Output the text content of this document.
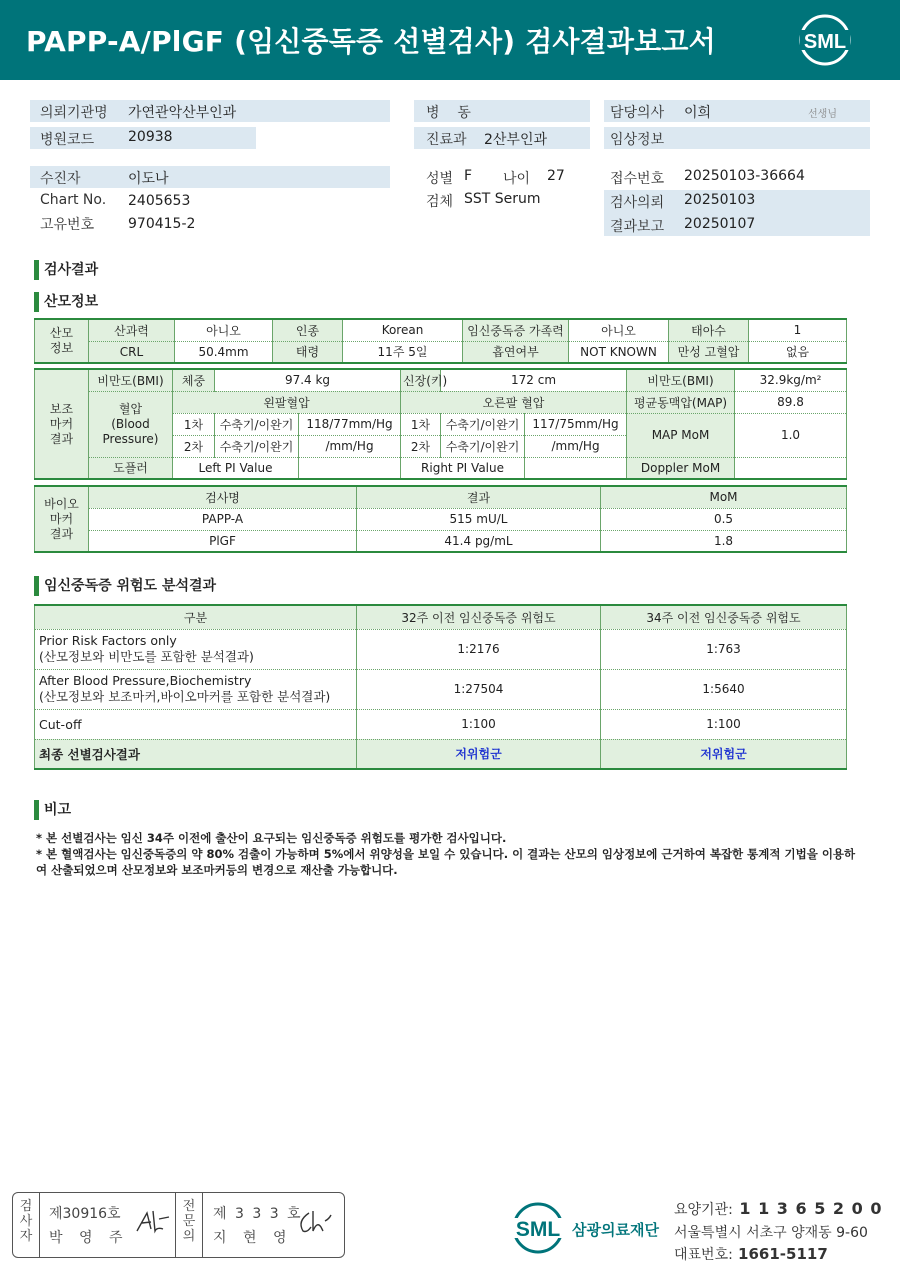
PAPP-A/PlGF (임신중독증 선별검사) 검사결과보고서	SML
의뢰기관명 가연관악산부인과
병원코드 20938
병    동
진료과 2산부인과
담당의사 이희	선생님
임상정보
수진자	이도나
Chart No. 2405653
고유번호 970415-2
성별 F 나이 27
검체 SST Serum
접수번호 20250103-36664
검사의뢰 20250103
결과보고 20250107
검사결과
산모정보
산모
정보	산과력	아니오	인종	Korean	임신중독증 가족력	아니오	태아수	1
	CRL	50.4mm	태령	11주 5일	흡연여부	NOT KNOWN	만성 고혈압	없음
보조
마커
결과	비만도(BMI)	체중	97.4 kg		신장(키)	172 cm		비만도(BMI)	32.9kg/m²
	혈압
(Blood
Pressure)	왼팔혈압			오른팔 혈압			평균동맥압(MAP)	89.8
		1차	수축기/이완기	118/77mm/Hg	1차	수축기/이완기	117/75mm/Hg	MAP MoM	1.0
		2차	수축기/이완기	/mm/Hg	2차	수축기/이완기	/mm/Hg		
	도플러	Left PI Value			Right PI Value			Doppler MoM	
바이오
마커
결과	검사명	결과	MoM
	PAPP-A	515 mU/L	0.5
	PlGF	41.4 pg/mL	1.8
임신중독증 위험도 분석결과
구분	32주 이전 임신중독증 위험도	34주 이전 임신중독증 위험도

Prior Risk Factors only
(산모정보와 비만도를 포함한 분석결과)	1:2176	1:763

After Blood Pressure,Biochemistry
(산모정보와 보조마커,바이오마커를 포함한 분석결과)	1:27504	1:5640
Cut-off	1:100	1:100
최종 선별검사결과	저위험군	저위험군
비고
* 본 선별검사는 임신 34주 이전에 출산이 요구되는 임신중독증 위험도를 평가한 검사입니다.
* 본 혈액검사는 임신중독증의 약 80% 검출이 가능하며 5%에서 위양성을 보일 수 있습니다. 이 결과는 산모의 임상정보에 근거하여 복잡한 통계적 기법을 이용하여 산출되었으며 산모정보와 보조마커등의 변경으로 재산출 가능합니다.
검
사
자
제30916호
박 영 주
전
문
의
제 3 3 3 호
지 현 영	SML 삼광의료재단
요양기관: 1 1 3 6 5 2 0 0
서울특별시 서초구 양재동 9-60
대표번호: 1661-5117
